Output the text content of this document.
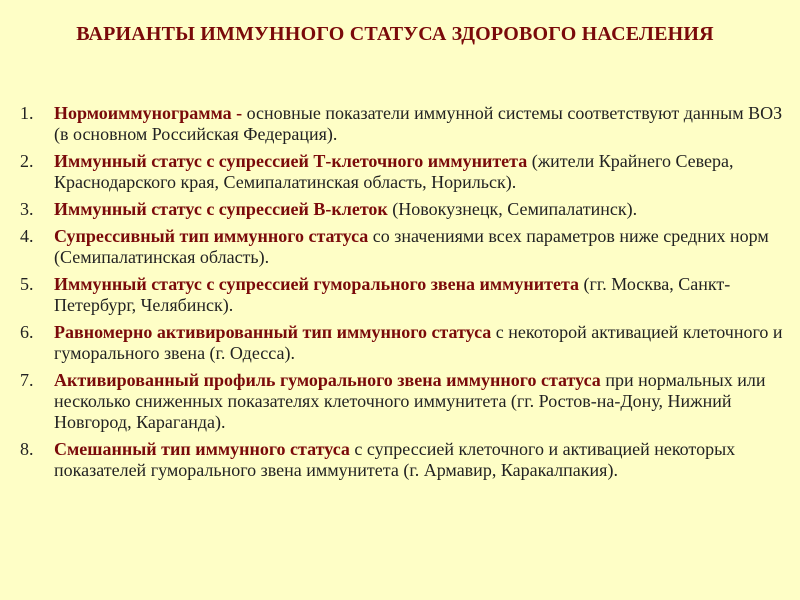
ВАРИАНТЫ ИММУННОГО СТАТУСА ЗДОРОВОГО НАСЕЛЕНИЯ
1. Нормоиммунограмма - основные показатели иммунной системы соответствуют данным ВОЗ (в основном Российская Федерация).
2. Иммунный статус с супрессией Т-клеточного иммунитета (жители Крайнего Севера, Краснодарского края, Семипалатинская область, Норильск).
3. Иммунный статус с супрессией В-клеток (Новокузнецк, Семипалатинск).
4. Супрессивный тип иммунного статуса со значениями всех параметров ниже средних норм (Семипалатинская область).
5. Иммунный статус с супрессией гуморального звена иммунитета (гг. Москва, Санкт-Петербург, Челябинск).
6. Равномерно активированный тип иммунного статуса с некоторой активацией клеточного и гуморального звена (г. Одесса).
7. Активированный профиль гуморального звена иммунного статуса при нормальных или несколько сниженных показателях клеточного иммунитета (гг. Ростов-на-Дону, Нижний Новгород, Караганда).
8. Смешанный тип иммунного статуса с супрессией клеточного и активацией некоторых показателей гуморального звена иммунитета (г. Армавир, Каракалпакия).
